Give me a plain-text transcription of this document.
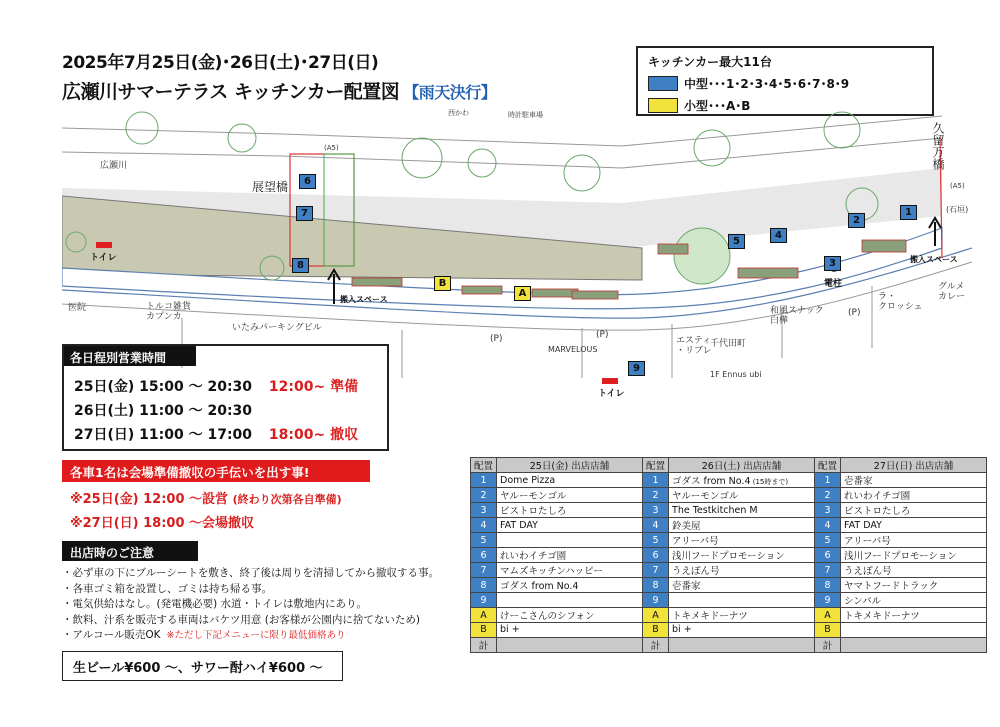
2025年7月25日(金)･26日(土)･27日(日)
広瀬川サマーテラス キッチンカー配置図 【雨天決行】
キッチンカー最大11台
中型･･･1･2･3･4･5･6･7･8･9
小型･･･A･B
広瀬川
展望橋
トイレ
トイレ
搬入スペース
搬入スペース
久留万橋
電柱
トルコ雑貨
カプンカ
いたみパーキングビル
MARVELOUS
エスティ
・リブレ
千代田町
1F Ennus ubi
和風スナック
白樺
ラ・
クロッシェ
グルメ
カレー
医院
(P)	(P)
(P)
(石垣)
(A5)
(A5)
西かわ	時計駐車場
1
2
3
4
5
6
7
8
9
A
B
各日程別営業時間
25日(金) 15:00 〜 20:30 12:00~ 準備
26日(土) 11:00 〜 20:30
27日(日) 11:00 〜 17:00 18:00~ 撤収
各車1名は会場準備撤収の手伝いを出す事!
※25日(金) 12:00 〜設営 (終わり次第各自準備)
※27日(日) 18:00 〜会場撤収
出店時のご注意
・ 必ず車の下にブルーシートを敷き、終了後は周りを清掃してから撤収する事。
・ 各車ゴミ箱を設置し、ゴミは持ち帰る事。
・ 電気供給はなし。(発電機必要) 水道・トイレは敷地内にあり。
・ 飲料、汁系を販売する車両はバケツ用意 (お客様が公園内に捨てないため)
・ アルコール販売OK ※ただし下記メニューに限り最低価格あり
生ビール¥600 〜、サワー酎ハイ¥600 〜
配置	25日(金) 出店店舗	配置	26日(土) 出店店舗	配置	27日(日) 出店店舗
1	Dome Pizza	1	ゴダス from No.4 (15時まで)	1	壱番家
2	ヤルーモンゴル	2	ヤルーモンゴル	2	れいわイチゴ園
3	ビストロたしろ	3	The Testkitchen M	3	ビストロたしろ
4	FAT DAY	4	鈴美屋	4	FAT DAY
5		5	アリーバ号	5	アリーバ号
6	れいわイチゴ園	6	浅川フードプロモーション	6	浅川フードプロモーション
7	マムズキッチンハッピー	7	うえぽん号	7	うえぽん号
8	ゴダス from No.4	8	壱番家	8	ヤマトフードトラック
9		9		9	シンバル
A	けーこさんのシフォン	A	トキメキドーナツ	A	トキメキドーナツ
B	bi +	B	bi +	B	
計		計		計	
